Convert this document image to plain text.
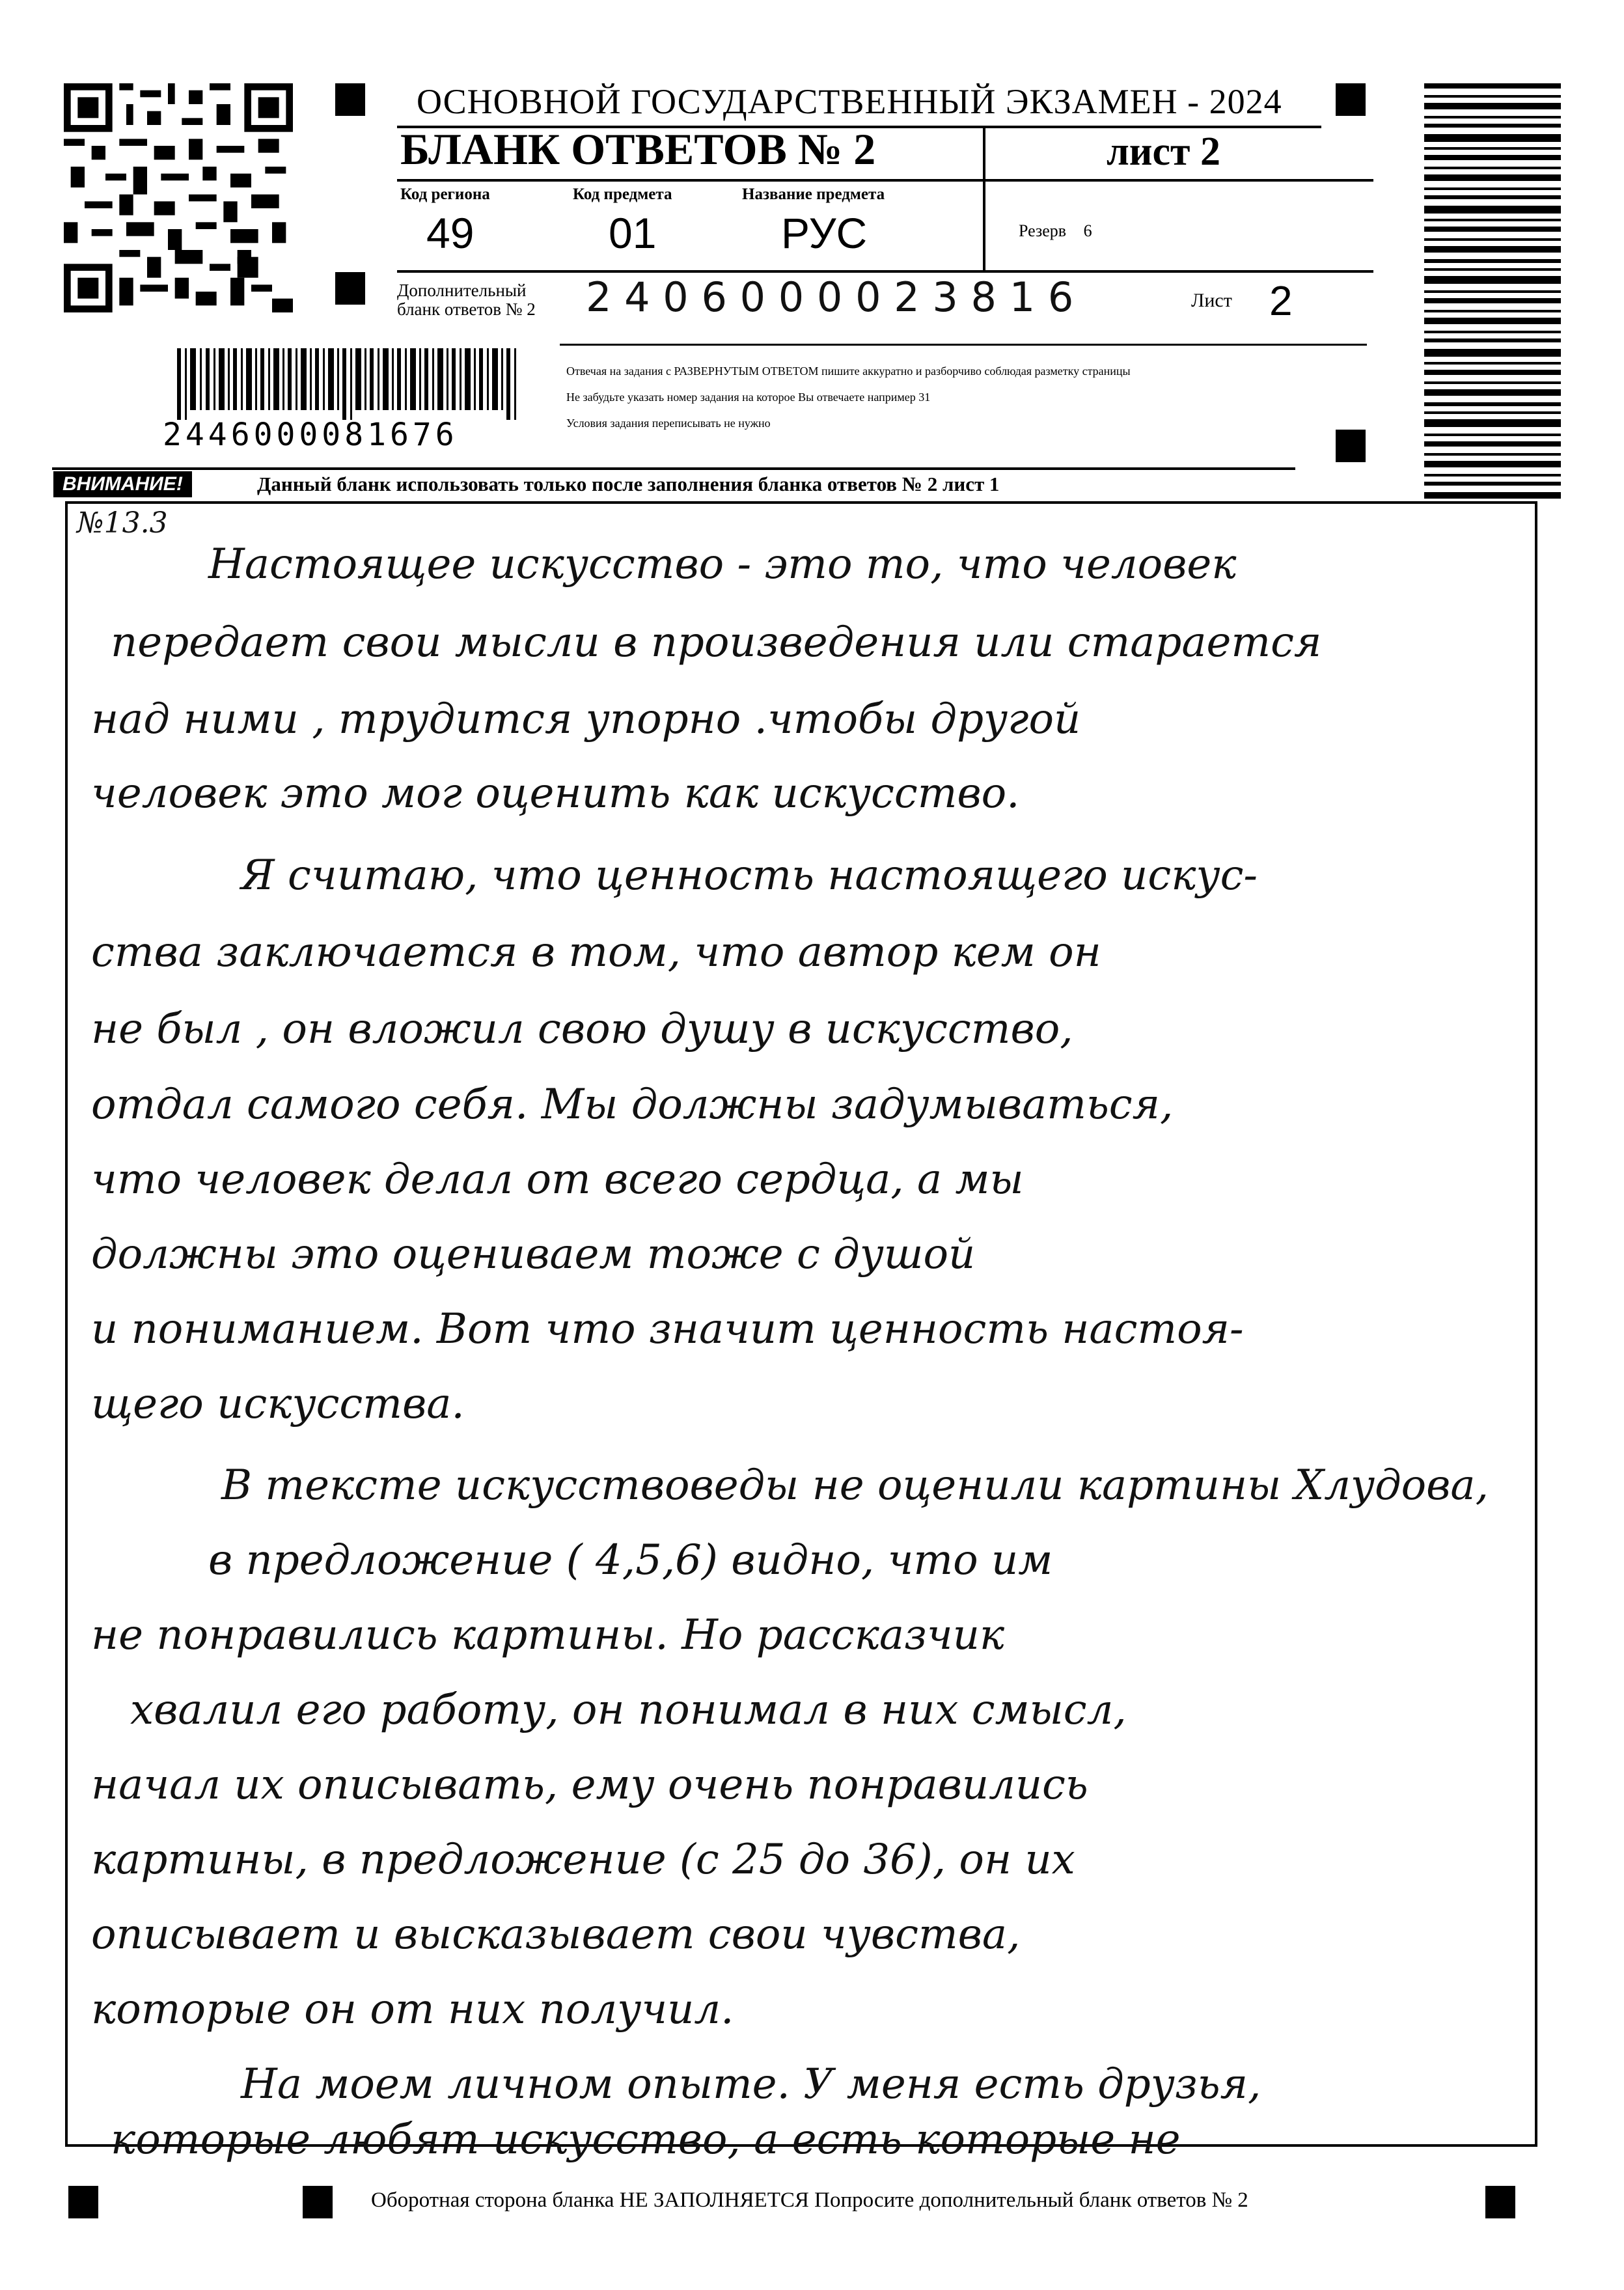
ОСНОВНОЙ ГОСУДАРСТВЕННЫЙ ЭКЗАМЕН - 2024
БЛАНК ОТВЕТОВ № 2	лист 2
Код региона
49
Код предмета
01
Название предмета
РУС	Резерв 6
Дополнительный
бланк ответов № 2 2 4 0 6 0 0 0 0 2 3 8 1 6	Лист 2
2446000081676
Отвечая на задания с РАЗВЕРНУТЫМ ОТВЕТОМ пишите аккуратно и разборчиво соблюдая разметку страницы
Не забудьте указать номер задания на которое Вы отвечаете например 31
Условия задания переписывать не нужно
ВНИМАНИЕ!	Данный бланк использовать только после заполнения бланка ответов № 2 лист 1
№13.3
Настоящее искусство - это то, что человек
передает свои мысли в произведения или старается
над ними , трудится упорно .чтобы другой
человек это мог оценить как искусство.
Я считаю, что ценность настоящего искус-
ства заключается в том, что автор кем он
не был , он вложил свою душу в искусство,
отдал самого себя. Мы должны задумываться,
что человек делал от всего сердца, а мы
должны это оцениваем тоже с душой
и пониманием. Вот что значит ценность настоя-
щего искусства.
В тексте искусствоведы не оценили картины Хлудова,
в предложение ( 4,5,6) видно, что им
не понравились картины. Но рассказчик
хвалил его работу, он понимал в них смысл,
начал их описывать, ему очень понравились
картины, в предложение (с 25 до 36), он их
описывает и высказывает свои чувства,
которые он от них получил.
На моем личном опыте. У меня есть друзья,
которые любят искусство, а есть которые не
Оборотная сторона бланка НЕ ЗАПОЛНЯЕТСЯ Попросите дополнительный бланк ответов № 2
